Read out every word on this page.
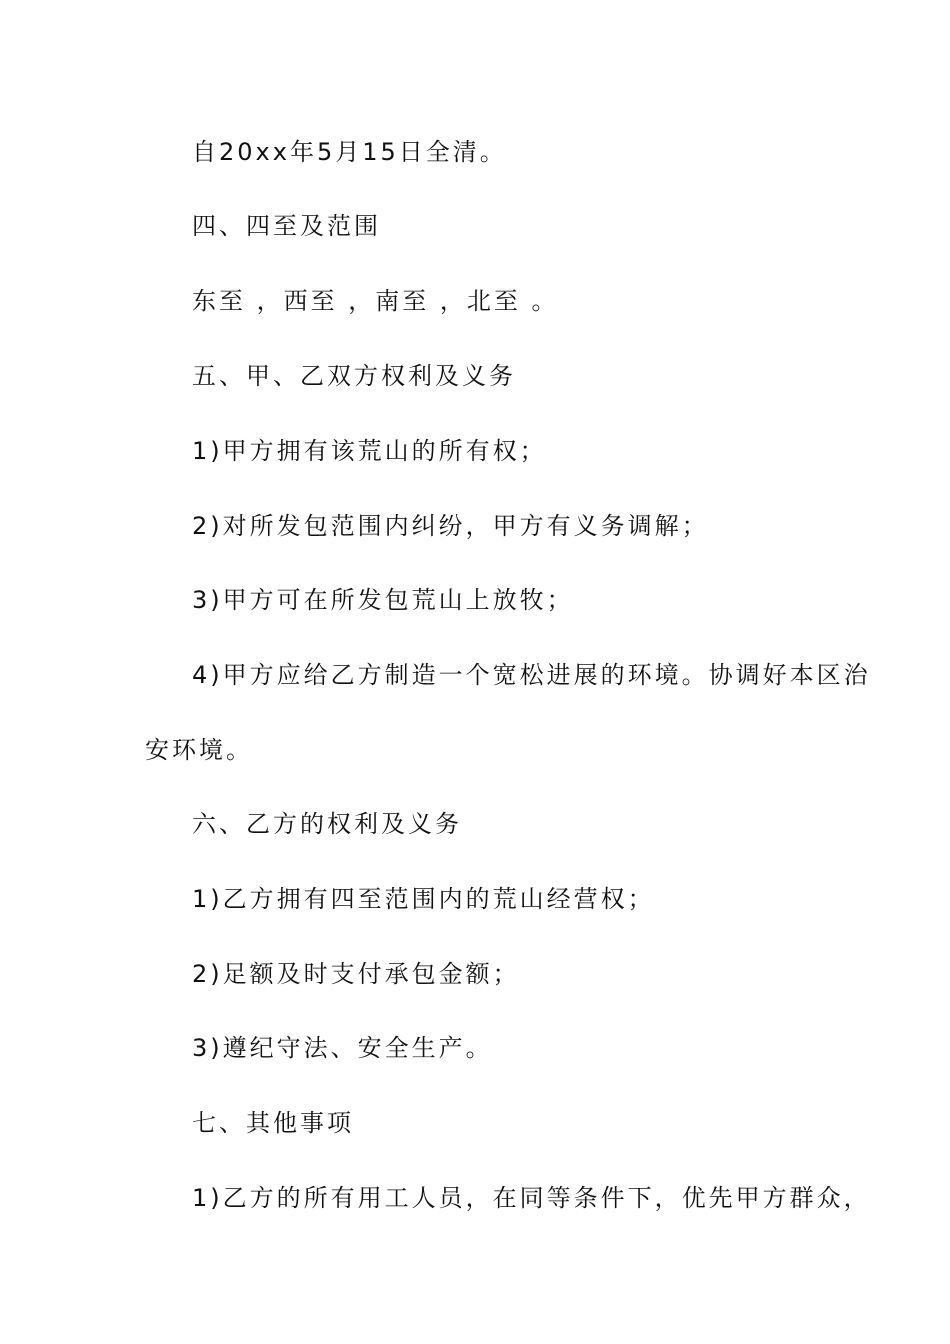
自20xx年5月15日全清。
四、四至及范围
东至 ，西至 ，南至 ，北至 。
五、甲、乙双方权利及义务
1)甲方拥有该荒山的所有权；
2)对所发包范围内纠纷，甲方有义务调解；
3)甲方可在所发包荒山上放牧；
4)甲方应给乙方制造一个宽松进展的环境。协调好本区治
安环境。
六、乙方的权利及义务
1)乙方拥有四至范围内的荒山经营权；
2)足额及时支付承包金额；
3)遵纪守法、安全生产。
七、其他事项
1)乙方的所有用工人员，在同等条件下，优先甲方群众，
